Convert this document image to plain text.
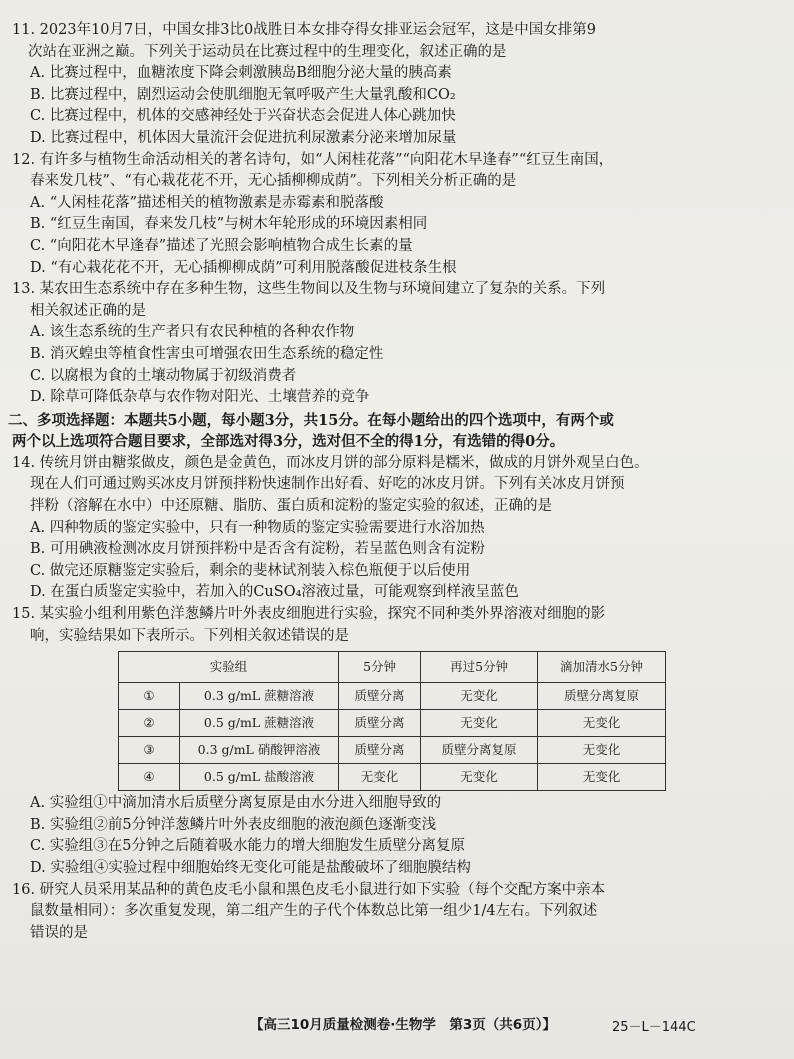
11. 2023年10月7日，中国女排3比0战胜日本女排夺得女排亚运会冠军，这是中国女排第9
次站在亚洲之巅。下列关于运动员在比赛过程中的生理变化，叙述正确的是
A. 比赛过程中，血糖浓度下降会刺激胰岛B细胞分泌大量的胰高素
B. 比赛过程中，剧烈运动会使肌细胞无氧呼吸产生大量乳酸和CO₂
C. 比赛过程中，机体的交感神经处于兴奋状态会促进人体心跳加快
D. 比赛过程中，机体因大量流汗会促进抗利尿激素分泌来增加尿量
12. 有许多与植物生命活动相关的著名诗句，如“人闲桂花落”“向阳花木早逢春”“红豆生南国，
春来发几枝”、“有心栽花花不开，无心插柳柳成荫”。下列相关分析正确的是
A. “人闲桂花落”描述相关的植物激素是赤霉素和脱落酸
B. “红豆生南国，春来发几枝”与树木年轮形成的环境因素相同
C. “向阳花木早逢春”描述了光照会影响植物合成生长素的量
D. “有心栽花花不开，无心插柳柳成荫”可利用脱落酸促进枝条生根
13. 某农田生态系统中存在多种生物，这些生物间以及生物与环境间建立了复杂的关系。下列
相关叙述正确的是
A. 该生态系统的生产者只有农民种植的各种农作物
B. 消灭蝗虫等植食性害虫可增强农田生态系统的稳定性
C. 以腐根为食的土壤动物属于初级消费者
D. 除草可降低杂草与农作物对阳光、土壤营养的竞争
二、多项选择题：本题共5小题，每小题3分，共15分。在每小题给出的四个选项中，有两个或
两个以上选项符合题目要求，全部选对得3分，选对但不全的得1分，有选错的得0分。
14. 传统月饼由糖浆做皮，颜色是金黄色，而冰皮月饼的部分原料是糯米，做成的月饼外观呈白色。
现在人们可通过购买冰皮月饼预拌粉快速制作出好看、好吃的冰皮月饼。下列有关冰皮月饼预
拌粉（溶解在水中）中还原糖、脂肪、蛋白质和淀粉的鉴定实验的叙述，正确的是
A. 四种物质的鉴定实验中，只有一种物质的鉴定实验需要进行水浴加热
B. 可用碘液检测冰皮月饼预拌粉中是否含有淀粉，若呈蓝色则含有淀粉
C. 做完还原糖鉴定实验后，剩余的斐林试剂装入棕色瓶便于以后使用
D. 在蛋白质鉴定实验中，若加入的CuSO₄溶液过量，可能观察到样液呈蓝色
15. 某实验小组利用紫色洋葱鳞片叶外表皮细胞进行实验，探究不同种类外界溶液对细胞的影
响，实验结果如下表所示。下列相关叙述错误的是
实验组		5分钟	再过5分钟	滴加清水5分钟
①	0.3 g/mL 蔗糖溶液	质壁分离	无变化	质壁分离复原
②	0.5 g/mL 蔗糖溶液	质壁分离	无变化	无变化
③	0.3 g/mL 硝酸钾溶液	质壁分离	质壁分离复原	无变化
④	0.5 g/mL 盐酸溶液	无变化	无变化	无变化
A. 实验组①中滴加清水后质壁分离复原是由水分进入细胞导致的
B. 实验组②前5分钟洋葱鳞片叶外表皮细胞的液泡颜色逐渐变浅
C. 实验组③在5分钟之后随着吸水能力的增大细胞发生质壁分离复原
D. 实验组④实验过程中细胞始终无变化可能是盐酸破坏了细胞膜结构
16. 研究人员采用某品种的黄色皮毛小鼠和黑色皮毛小鼠进行如下实验（每个交配方案中亲本
鼠数量相同）：多次重复发现，第二组产生的子代个体数总比第一组少1/4左右。下列叙述
错误的是
【高三10月质量检测卷·生物学　第3页（共6页）】	25－L－144C
